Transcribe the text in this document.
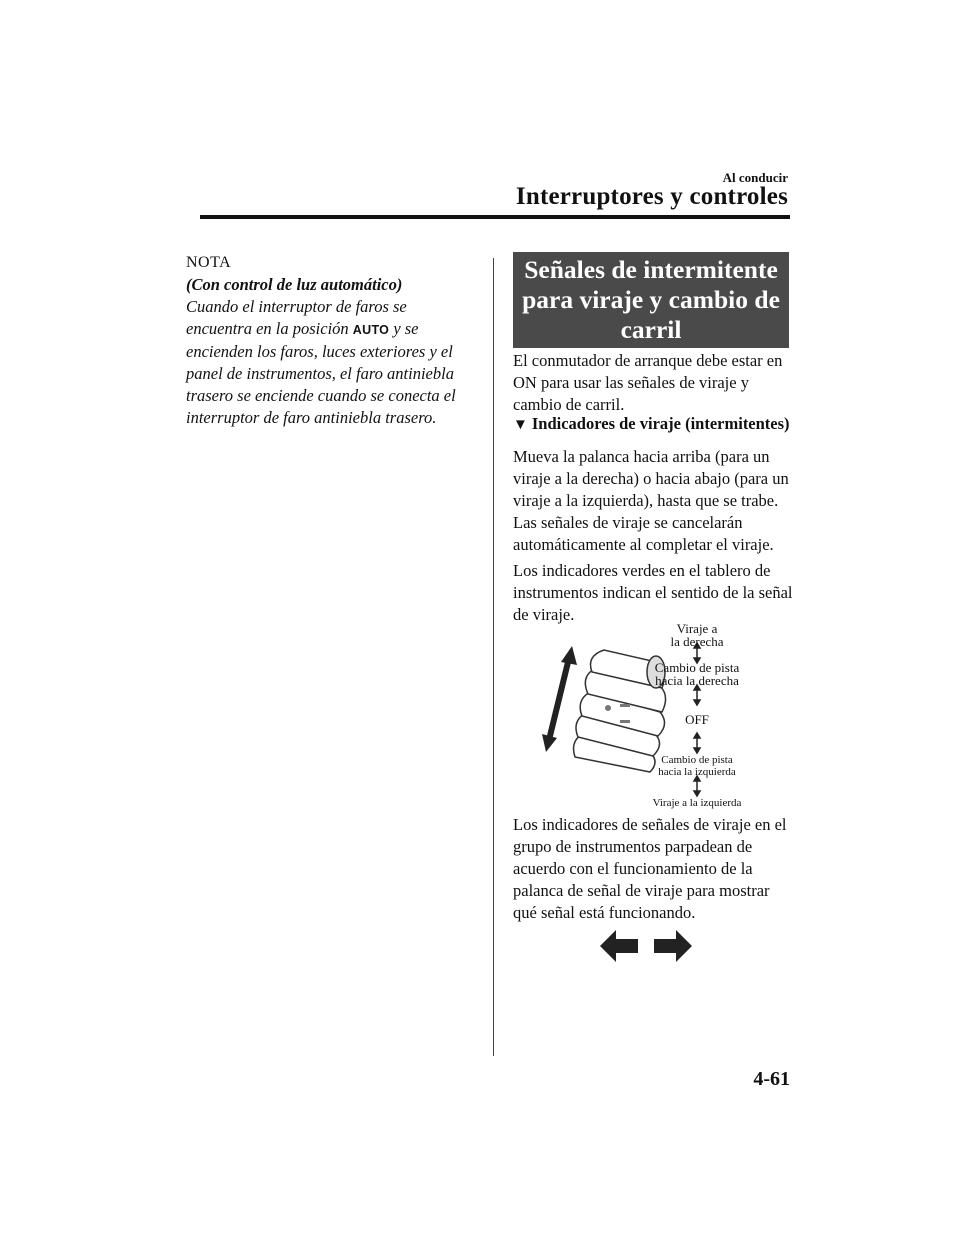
Al conducir
Interruptores y controles
NOTA
(Con control de luz automático)
Cuando el interruptor de faros se encuentra en la posición AUTO y se encienden los faros, luces exteriores y el panel de instrumentos, el faro antiniebla trasero se enciende cuando se conecta el interruptor de faro antiniebla trasero.
Señales de intermitente para viraje y cambio de carril
El conmutador de arranque debe estar en ON para usar las señales de viraje y cambio de carril.
▼ Indicadores de viraje (intermitentes)
Mueva la palanca hacia arriba (para un viraje a la derecha) o hacia abajo (para un viraje a la izquierda), hasta que se trabe. Las señales de viraje se cancelarán automáticamente al completar el viraje.
Los indicadores verdes en el tablero de instrumentos indican el sentido de la señal de viraje.
Viraje a
la derecha
Cambio de pista
hacia la derecha
OFF
Cambio de pista
hacia la izquierda
Viraje a la izquierda
Los indicadores de señales de viraje en el grupo de instrumentos parpadean de acuerdo con el funcionamiento de la palanca de señal de viraje para mostrar qué señal está funcionando.
4-61
